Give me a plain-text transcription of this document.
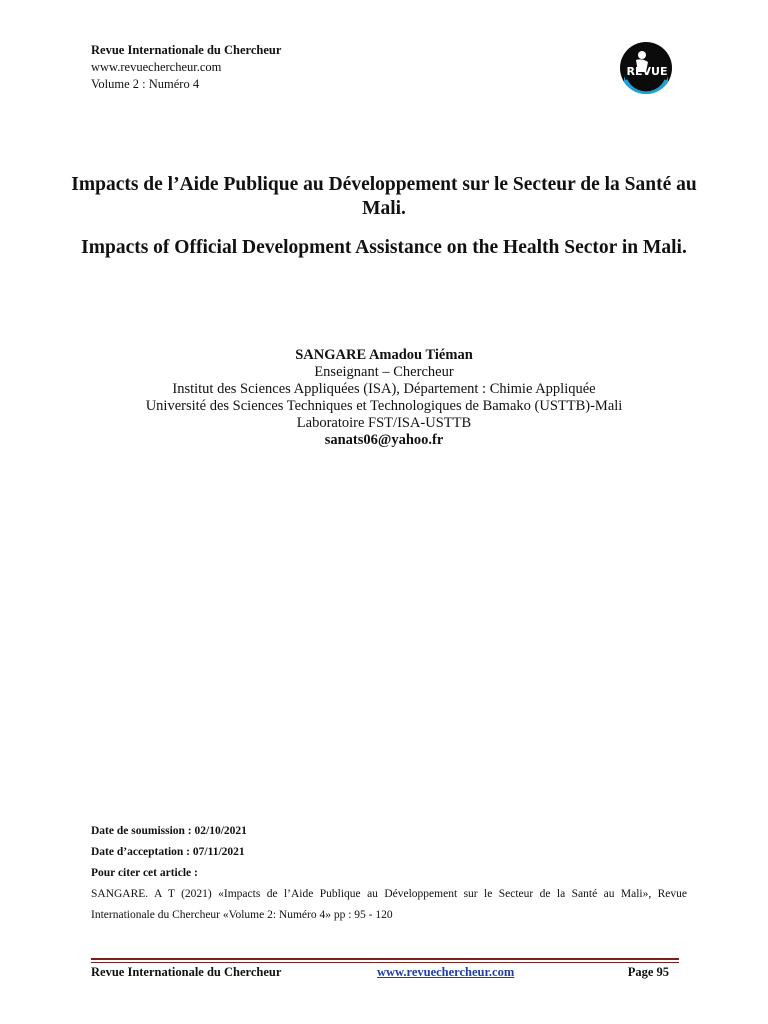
Revue Internationale du Chercheur
www.revuechercheur.com
Volume 2 : Numéro 4
REVUE
Impacts de l’Aide Publique au Développement sur le Secteur de la Santé au Mali.
Impacts of Official Development Assistance on the Health Sector in Mali.
SANGARE Amadou Tiéman
Enseignant – Chercheur
Institut des Sciences Appliquées (ISA), Département : Chimie Appliquée
Université des Sciences Techniques et Technologiques de Bamako (USTTB)-Mali
Laboratoire FST/ISA-USTTB
sanats06@yahoo.fr
Date de soumission : 02/10/2021
Date d’acceptation : 07/11/2021
Pour citer cet article :
SANGARE. A T (2021) «Impacts de l’Aide Publique au Développement sur le Secteur de la Santé au Mali», Revue Internationale du Chercheur «Volume 2: Numéro 4» pp : 95 - 120
Revue Internationale du Chercheur	www.revuechercheur.com	Page 95
